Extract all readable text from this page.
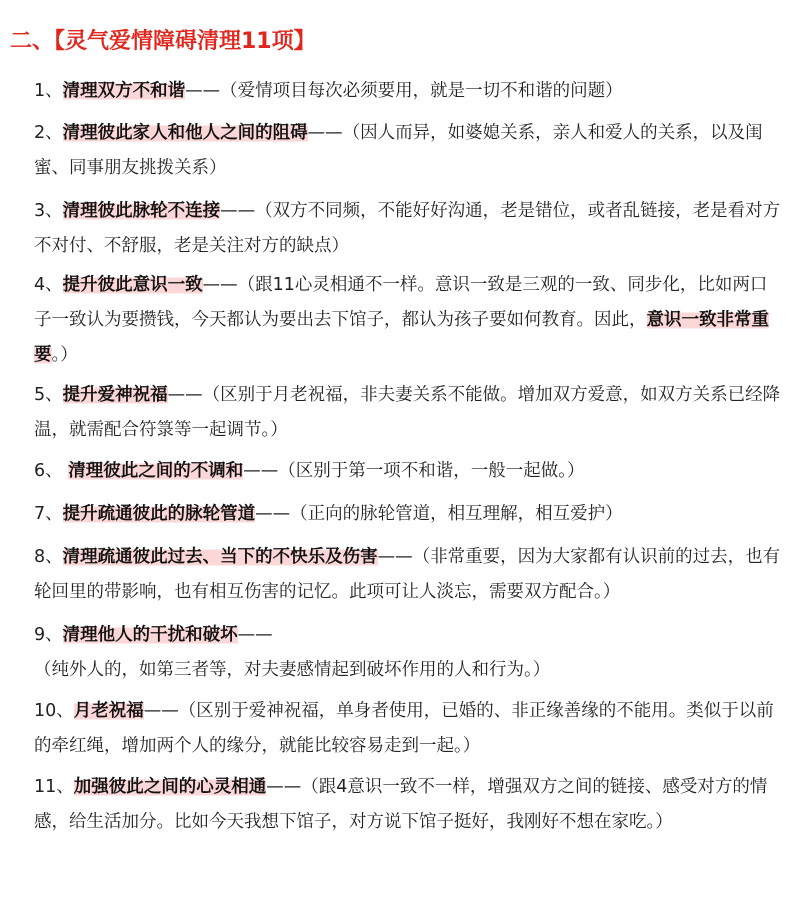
二、【灵气爱情障碍清理11项】

1、清理双方不和谐——（爱情项目每次必须要用，就是一切不和谐的问题）

2、清理彼此家人和他人之间的阻碍——（因人而异，如婆媳关系，亲人和爱人的关系，以及闺蜜、同事朋友挑拨关系）

3、清理彼此脉轮不连接——（双方不同频，不能好好沟通，老是错位，或者乱链接，老是看对方不对付、不舒服，老是关注对方的缺点）

4、提升彼此意识一致——（跟11心灵相通不一样。意识一致是三观的一致、同步化，比如两口子一致认为要攒钱，今天都认为要出去下馆子，都认为孩子要如何教育。因此，意识一致非常重要。）

5、提升爱神祝福——（区别于月老祝福，非夫妻关系不能做。增加双方爱意，如双方关系已经降温，就需配合符箓等一起调节。）

6、 清理彼此之间的不调和——（区别于第一项不和谐，一般一起做。）

7、提升疏通彼此的脉轮管道——（正向的脉轮管道，相互理解，相互爱护）

8、清理疏通彼此过去、当下的不快乐及伤害——（非常重要，因为大家都有认识前的过去，也有轮回里的带影响，也有相互伤害的记忆。此项可让人淡忘，需要双方配合。）

9、清理他人的干扰和破坏——（纯外人的，如第三者等，对夫妻感情起到破坏作用的人和行为。）

10、月老祝福——（区别于爱神祝福，单身者使用，已婚的、非正缘善缘的不能用。类似于以前的牵红绳，增加两个人的缘分，就能比较容易走到一起。）

11、加强彼此之间的心灵相通——（跟4意识一致不一样，增强双方之间的链接、感受对方的情感，给生活加分。比如今天我想下馆子，对方说下馆子挺好，我刚好不想在家吃。）
